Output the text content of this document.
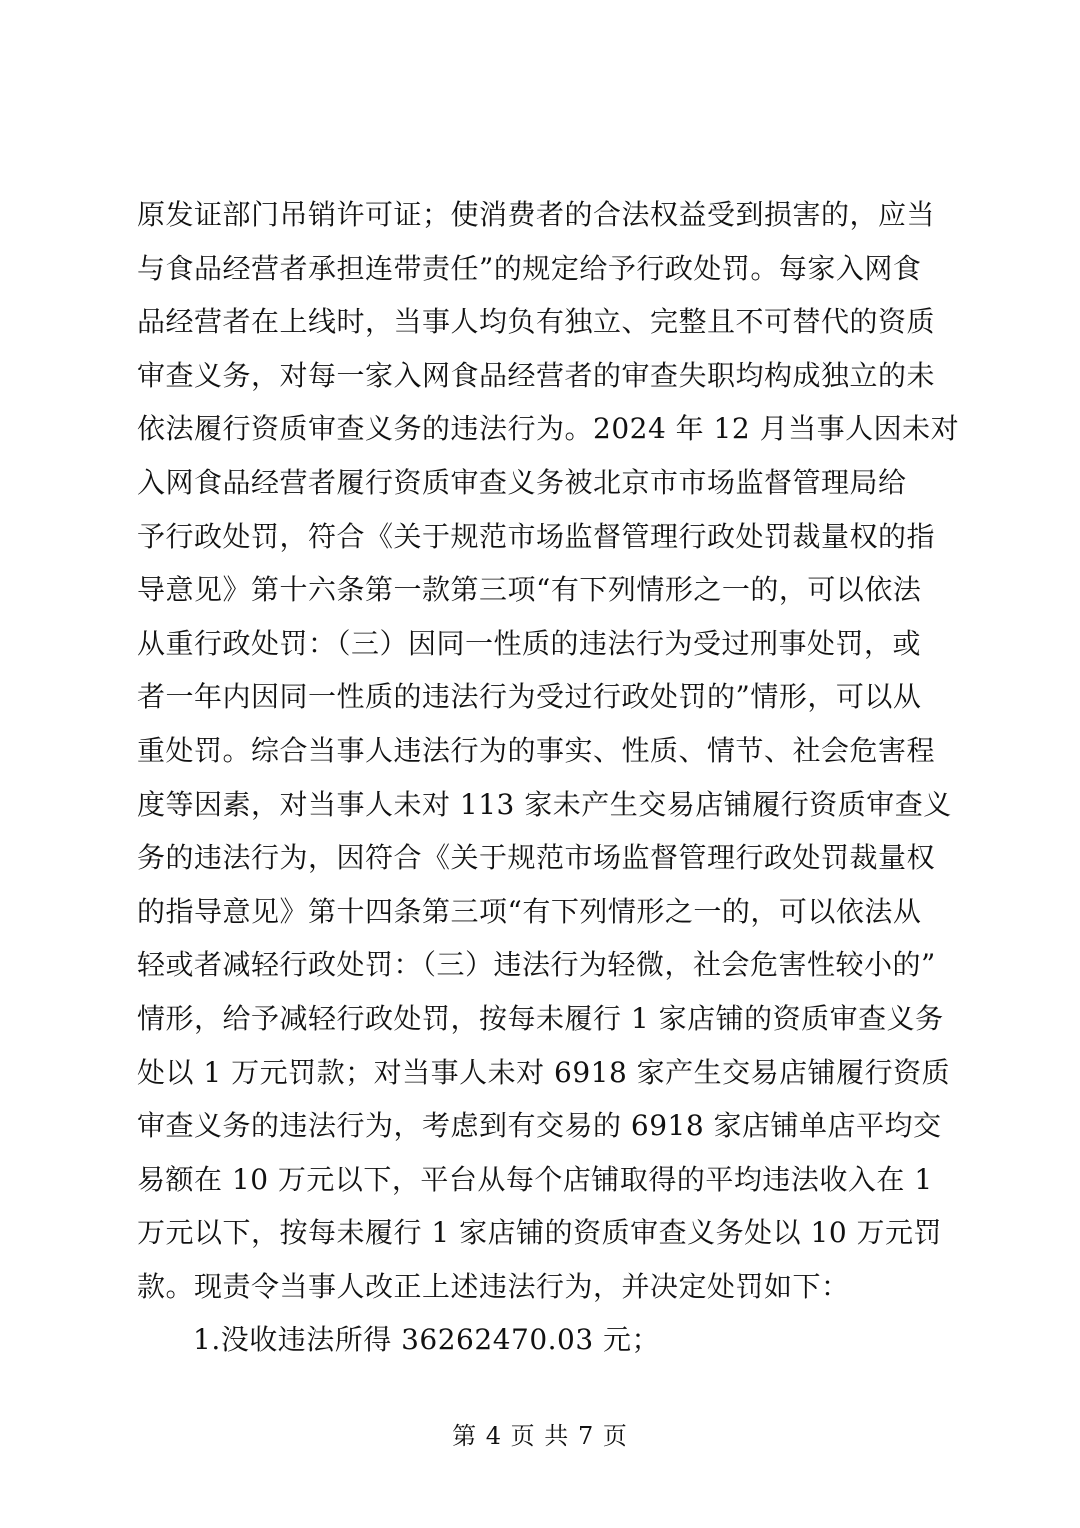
原发证部门吊销许可证；使消费者的合法权益受到损害的，应当
与食品经营者承担连带责任”的规定给予行政处罚。每家入网食
品经营者在上线时，当事人均负有独立、完整且不可替代的资质
审查义务，对每一家入网食品经营者的审查失职均构成独立的未
依法履行资质审查义务的违法行为。2024 年 12 月当事人因未对
入网食品经营者履行资质审查义务被北京市市场监督管理局给
予行政处罚，符合《关于规范市场监督管理行政处罚裁量权的指
导意见》第十六条第一款第三项“有下列情形之一的，可以依法
从重行政处罚：（三）因同一性质的违法行为受过刑事处罚，或
者一年内因同一性质的违法行为受过行政处罚的”情形，可以从
重处罚。综合当事人违法行为的事实、性质、情节、社会危害程
度等因素，对当事人未对 113 家未产生交易店铺履行资质审查义
务的违法行为，因符合《关于规范市场监督管理行政处罚裁量权
的指导意见》第十四条第三项“有下列情形之一的，可以依法从
轻或者减轻行政处罚：（三）违法行为轻微，社会危害性较小的”
情形，给予减轻行政处罚，按每未履行 1 家店铺的资质审查义务
处以 1 万元罚款；对当事人未对 6918 家产生交易店铺履行资质
审查义务的违法行为，考虑到有交易的 6918 家店铺单店平均交
易额在 10 万元以下，平台从每个店铺取得的平均违法收入在 1
万元以下，按每未履行 1 家店铺的资质审查义务处以 10 万元罚
款。现责令当事人改正上述违法行为，并决定处罚如下：
1.没收违法所得 36262470.03 元；
第 4 页 共 7 页
